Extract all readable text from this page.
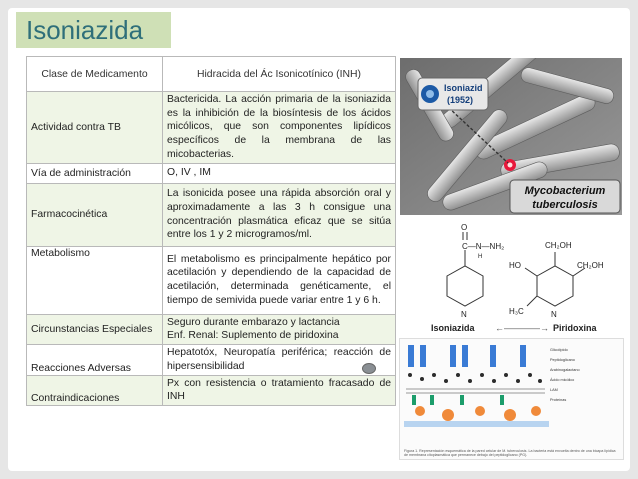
Isoniazida
Clase de Medicamento	Hidracida del Ác Isonicotínico (INH)
Actividad contra TB	Bactericida. La acción primaria de la isoniazida es la inhibición de la biosíntesis de los ácidos micólicos, que son componentes lipídicos específicos de la membrana de las micobacterias.
Vía de administración	O, IV , IM
Farmacocinética	La isonicida posee una rápida absorción oral y aproximadamente a las 3 h consigue una concentración plasmática eficaz que se sitúa entre los 1 y 2 microgramos/ml.
Metabolismo	El metabolismo es principalmente hepático por acetilación y dependiendo de la capacidad de acetilación, determinada genéticamente, el tiempo de semivida puede variar entre 1 y 6 h.
Circunstancias Especiales	Seguro durante embarazo y lactancia
Enf. Renal: Suplemento de piridoxina
Reacciones Adversas	Hepatotóx, Neuropatía periférica; reacción de hipersensibilidad
Contraindicaciones	Px con resistencia o tratamiento fracasado de INH
Isoniazid
(1952)
Mycobacterium
tuberculosis
O
C—N—NH₂
H
N
CH₂OH
CH₂OH
HO
H₃C	N
Isoniazida ←————→ Piridoxina
Glicolípido
Peptidoglicano
Arabinogalactano
Ácido micólico
LAM
Proteínas
Figura 1. Representación esquemática de la pared celular de M. tuberculosis. La bacteria está envuelta dentro de una bicapa lipídica de membrana citoplasmática que permanece debajo del peptidoglicano (PG).
